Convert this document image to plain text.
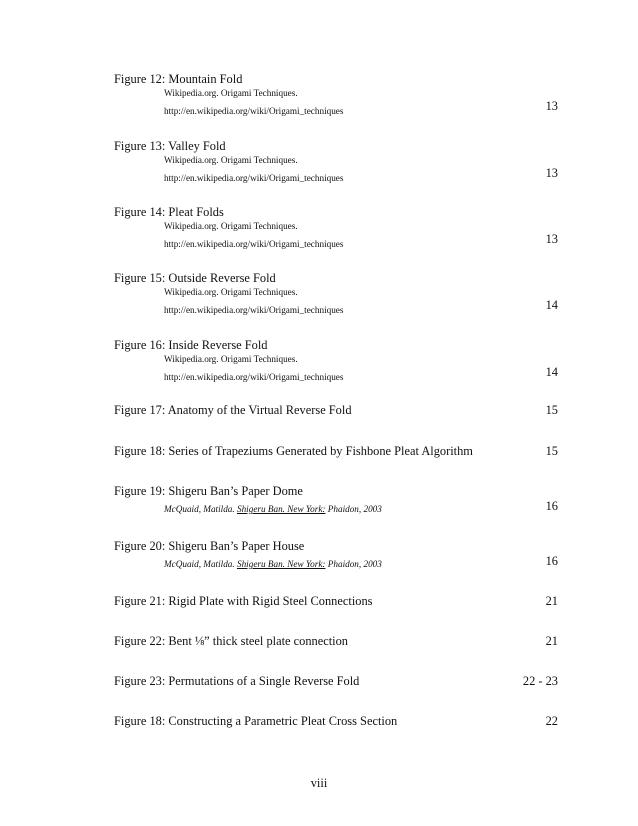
Figure 12: Mountain Fold
Wikipedia.org. Origami Techniques.
http://en.wikipedia.org/wiki/Origami_techniques	13
Figure 13: Valley Fold
Wikipedia.org. Origami Techniques.
http://en.wikipedia.org/wiki/Origami_techniques	13
Figure 14: Pleat Folds
Wikipedia.org. Origami Techniques.
http://en.wikipedia.org/wiki/Origami_techniques	13
Figure 15: Outside Reverse Fold
Wikipedia.org. Origami Techniques.
http://en.wikipedia.org/wiki/Origami_techniques	14
Figure 16: Inside Reverse Fold
Wikipedia.org. Origami Techniques.
http://en.wikipedia.org/wiki/Origami_techniques	14
Figure 17: Anatomy of the Virtual Reverse Fold	15
Figure 18: Series of Trapeziums Generated by Fishbone Pleat Algorithm	15
Figure 19: Shigeru Ban’s Paper Dome
McQuaid, Matilda. Shigeru Ban. New York: Phaidon, 2003	16
Figure 20: Shigeru Ban’s Paper House
McQuaid, Matilda. Shigeru Ban. New York: Phaidon, 2003	16
Figure 21: Rigid Plate with Rigid Steel Connections	21
Figure 22: Bent ⅛” thick steel plate connection	21
Figure 23: Permutations of a Single Reverse Fold	22 - 23
Figure 18: Constructing a Parametric Pleat Cross Section	22
viii
